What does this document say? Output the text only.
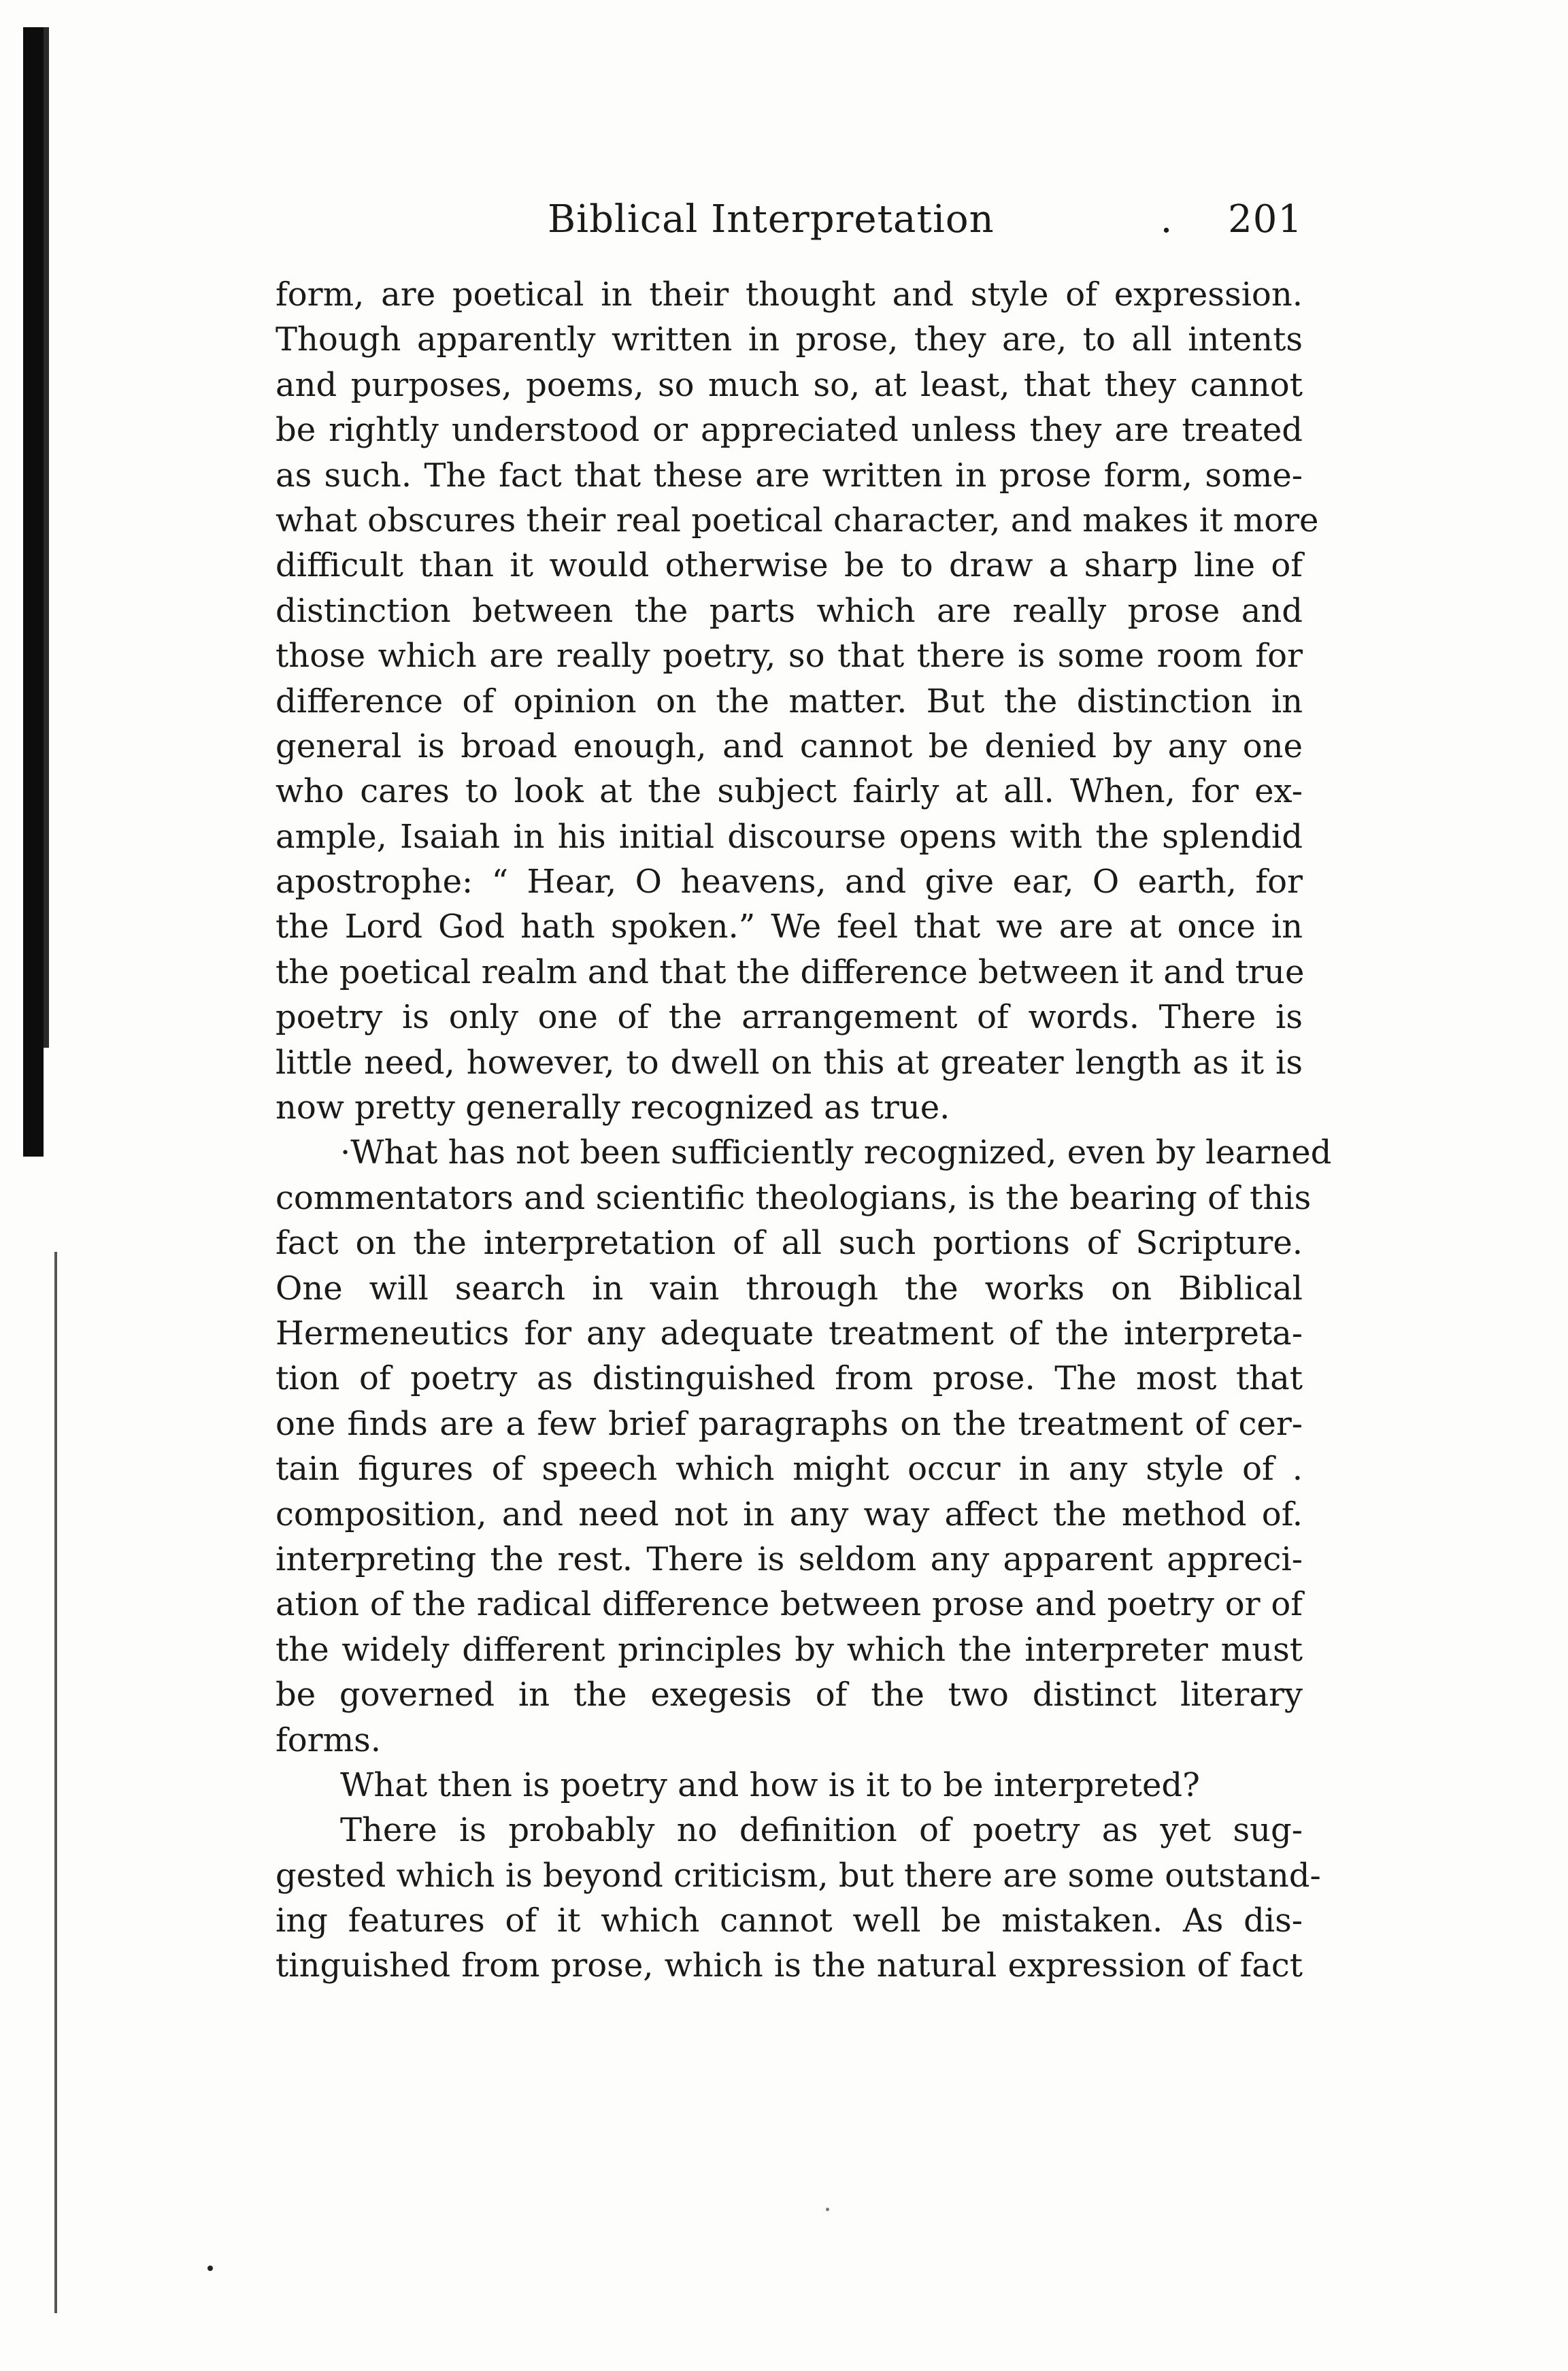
Biblical Interpretation	.	201
form, are poetical in their thought and style of expression.
Though apparently written in prose, they are, to all intents
and purposes, poems, so much so, at least, that they cannot
be rightly understood or appreciated unless they are treated
as such. The fact that these are written in prose form, some-
what obscures their real poetical character, and makes it more
difficult than it would otherwise be to draw a sharp line of
distinction between the parts which are really prose and
those which are really poetry, so that there is some room for
difference of opinion on the matter. But the distinction in
general is broad enough, and cannot be denied by any one
who cares to look at the subject fairly at all. When, for ex-
ample, Isaiah in his initial discourse opens with the splendid
apostrophe: “ Hear, O heavens, and give ear, O earth, for
the Lord God hath spoken.” We feel that we are at once in
the poetical realm and that the difference between it and true
poetry is only one of the arrangement of words. There is
little need, however, to dwell on this at greater length as it is
now pretty generally recognized as true.
·What has not been sufficiently recognized, even by learned
commentators and scientific theologians, is the bearing of this
fact on the interpretation of all such portions of Scripture.
One will search in vain through the works on Biblical
Hermeneutics for any adequate treatment of the interpreta-
tion of poetry as distinguished from prose. The most that
one finds are a few brief paragraphs on the treatment of cer-
tain figures of speech which might occur in any style of .
composition, and need not in any way affect the method of.
interpreting the rest. There is seldom any apparent appreci-
ation of the radical difference between prose and poetry or of
the widely different principles by which the interpreter must
be governed in the exegesis of the two distinct literary
forms.
What then is poetry and how is it to be interpreted?
There is probably no definition of poetry as yet sug-
gested which is beyond criticism, but there are some outstand-
ing features of it which cannot well be mistaken. As dis-
tinguished from prose, which is the natural expression of fact
